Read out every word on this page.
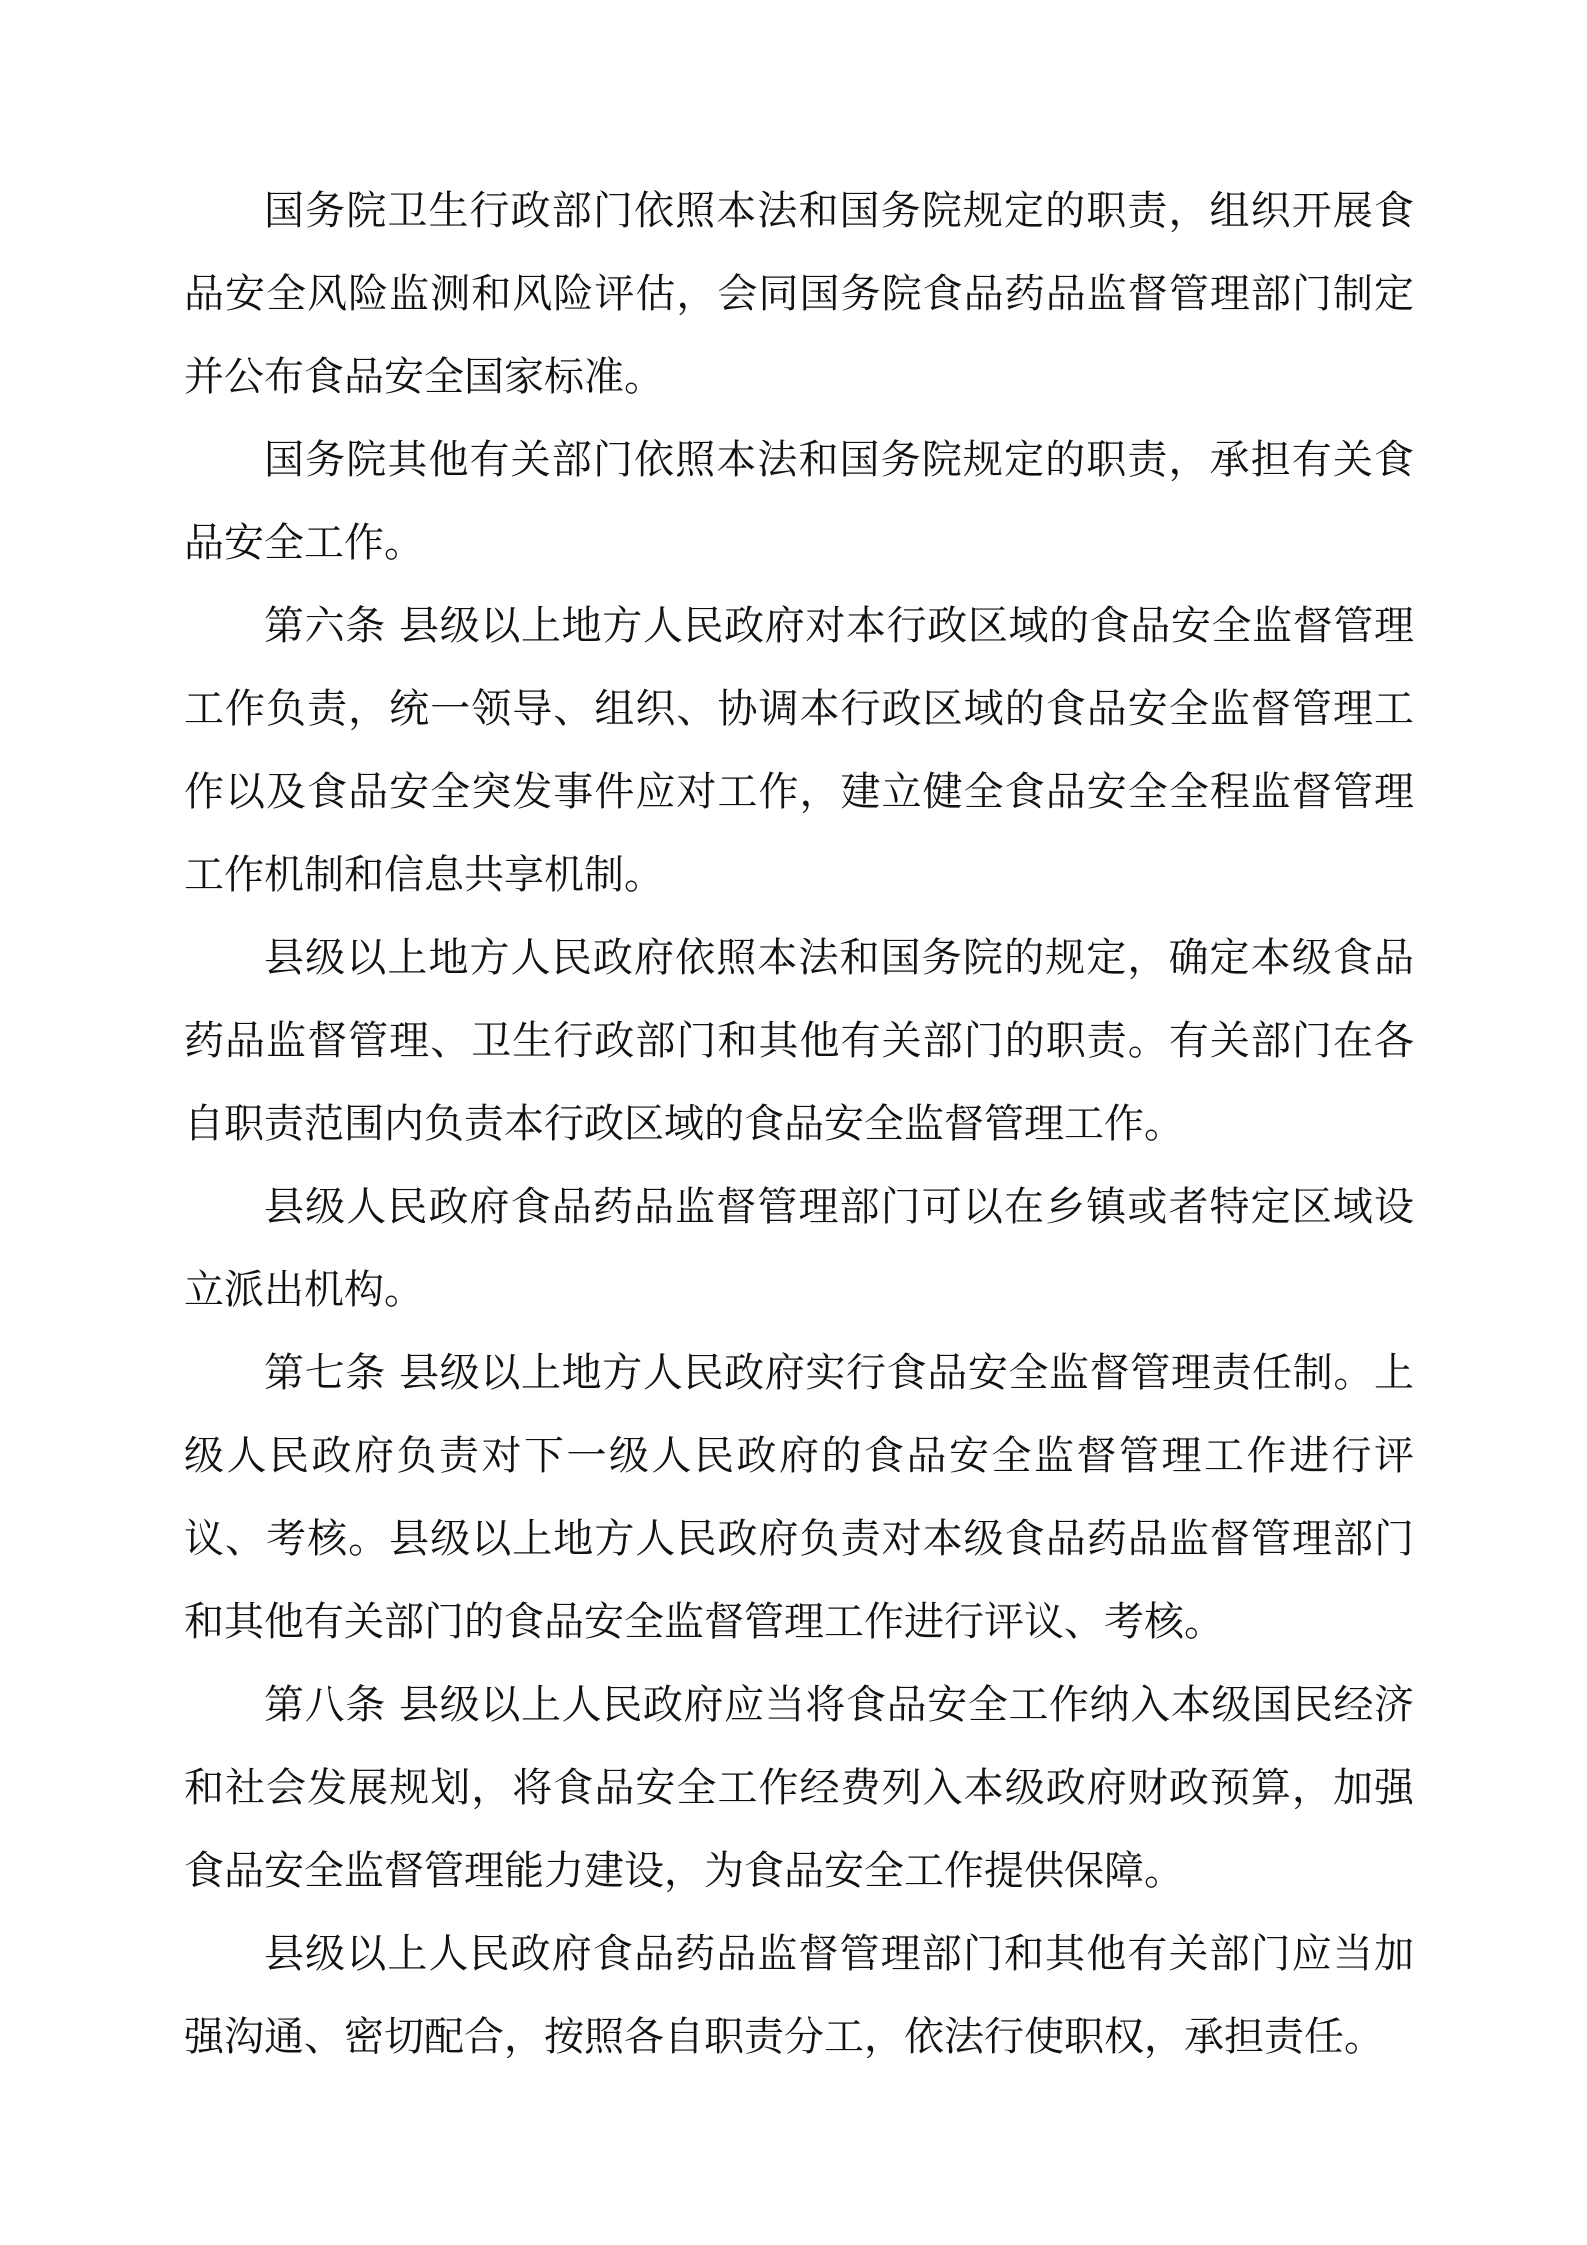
国务院卫生行政部门依照本法和国务院规定的职责，组织开展食品安全风险监测和风险评估，会同国务院食品药品监督管理部门制定并公布食品安全国家标准。

国务院其他有关部门依照本法和国务院规定的职责，承担有关食品安全工作。

第六条 县级以上地方人民政府对本行政区域的食品安全监督管理工作负责，统一领导、组织、协调本行政区域的食品安全监督管理工作以及食品安全突发事件应对工作，建立健全食品安全全程监督管理工作机制和信息共享机制。

县级以上地方人民政府依照本法和国务院的规定，确定本级食品药品监督管理、卫生行政部门和其他有关部门的职责。有关部门在各自职责范围内负责本行政区域的食品安全监督管理工作。

县级人民政府食品药品监督管理部门可以在乡镇或者特定区域设立派出机构。

第七条 县级以上地方人民政府实行食品安全监督管理责任制。上级人民政府负责对下一级人民政府的食品安全监督管理工作进行评议、考核。县级以上地方人民政府负责对本级食品药品监督管理部门和其他有关部门的食品安全监督管理工作进行评议、考核。

第八条 县级以上人民政府应当将食品安全工作纳入本级国民经济和社会发展规划，将食品安全工作经费列入本级政府财政预算，加强食品安全监督管理能力建设，为食品安全工作提供保障。

县级以上人民政府食品药品监督管理部门和其他有关部门应当加强沟通、密切配合，按照各自职责分工，依法行使职权，承担责任。
